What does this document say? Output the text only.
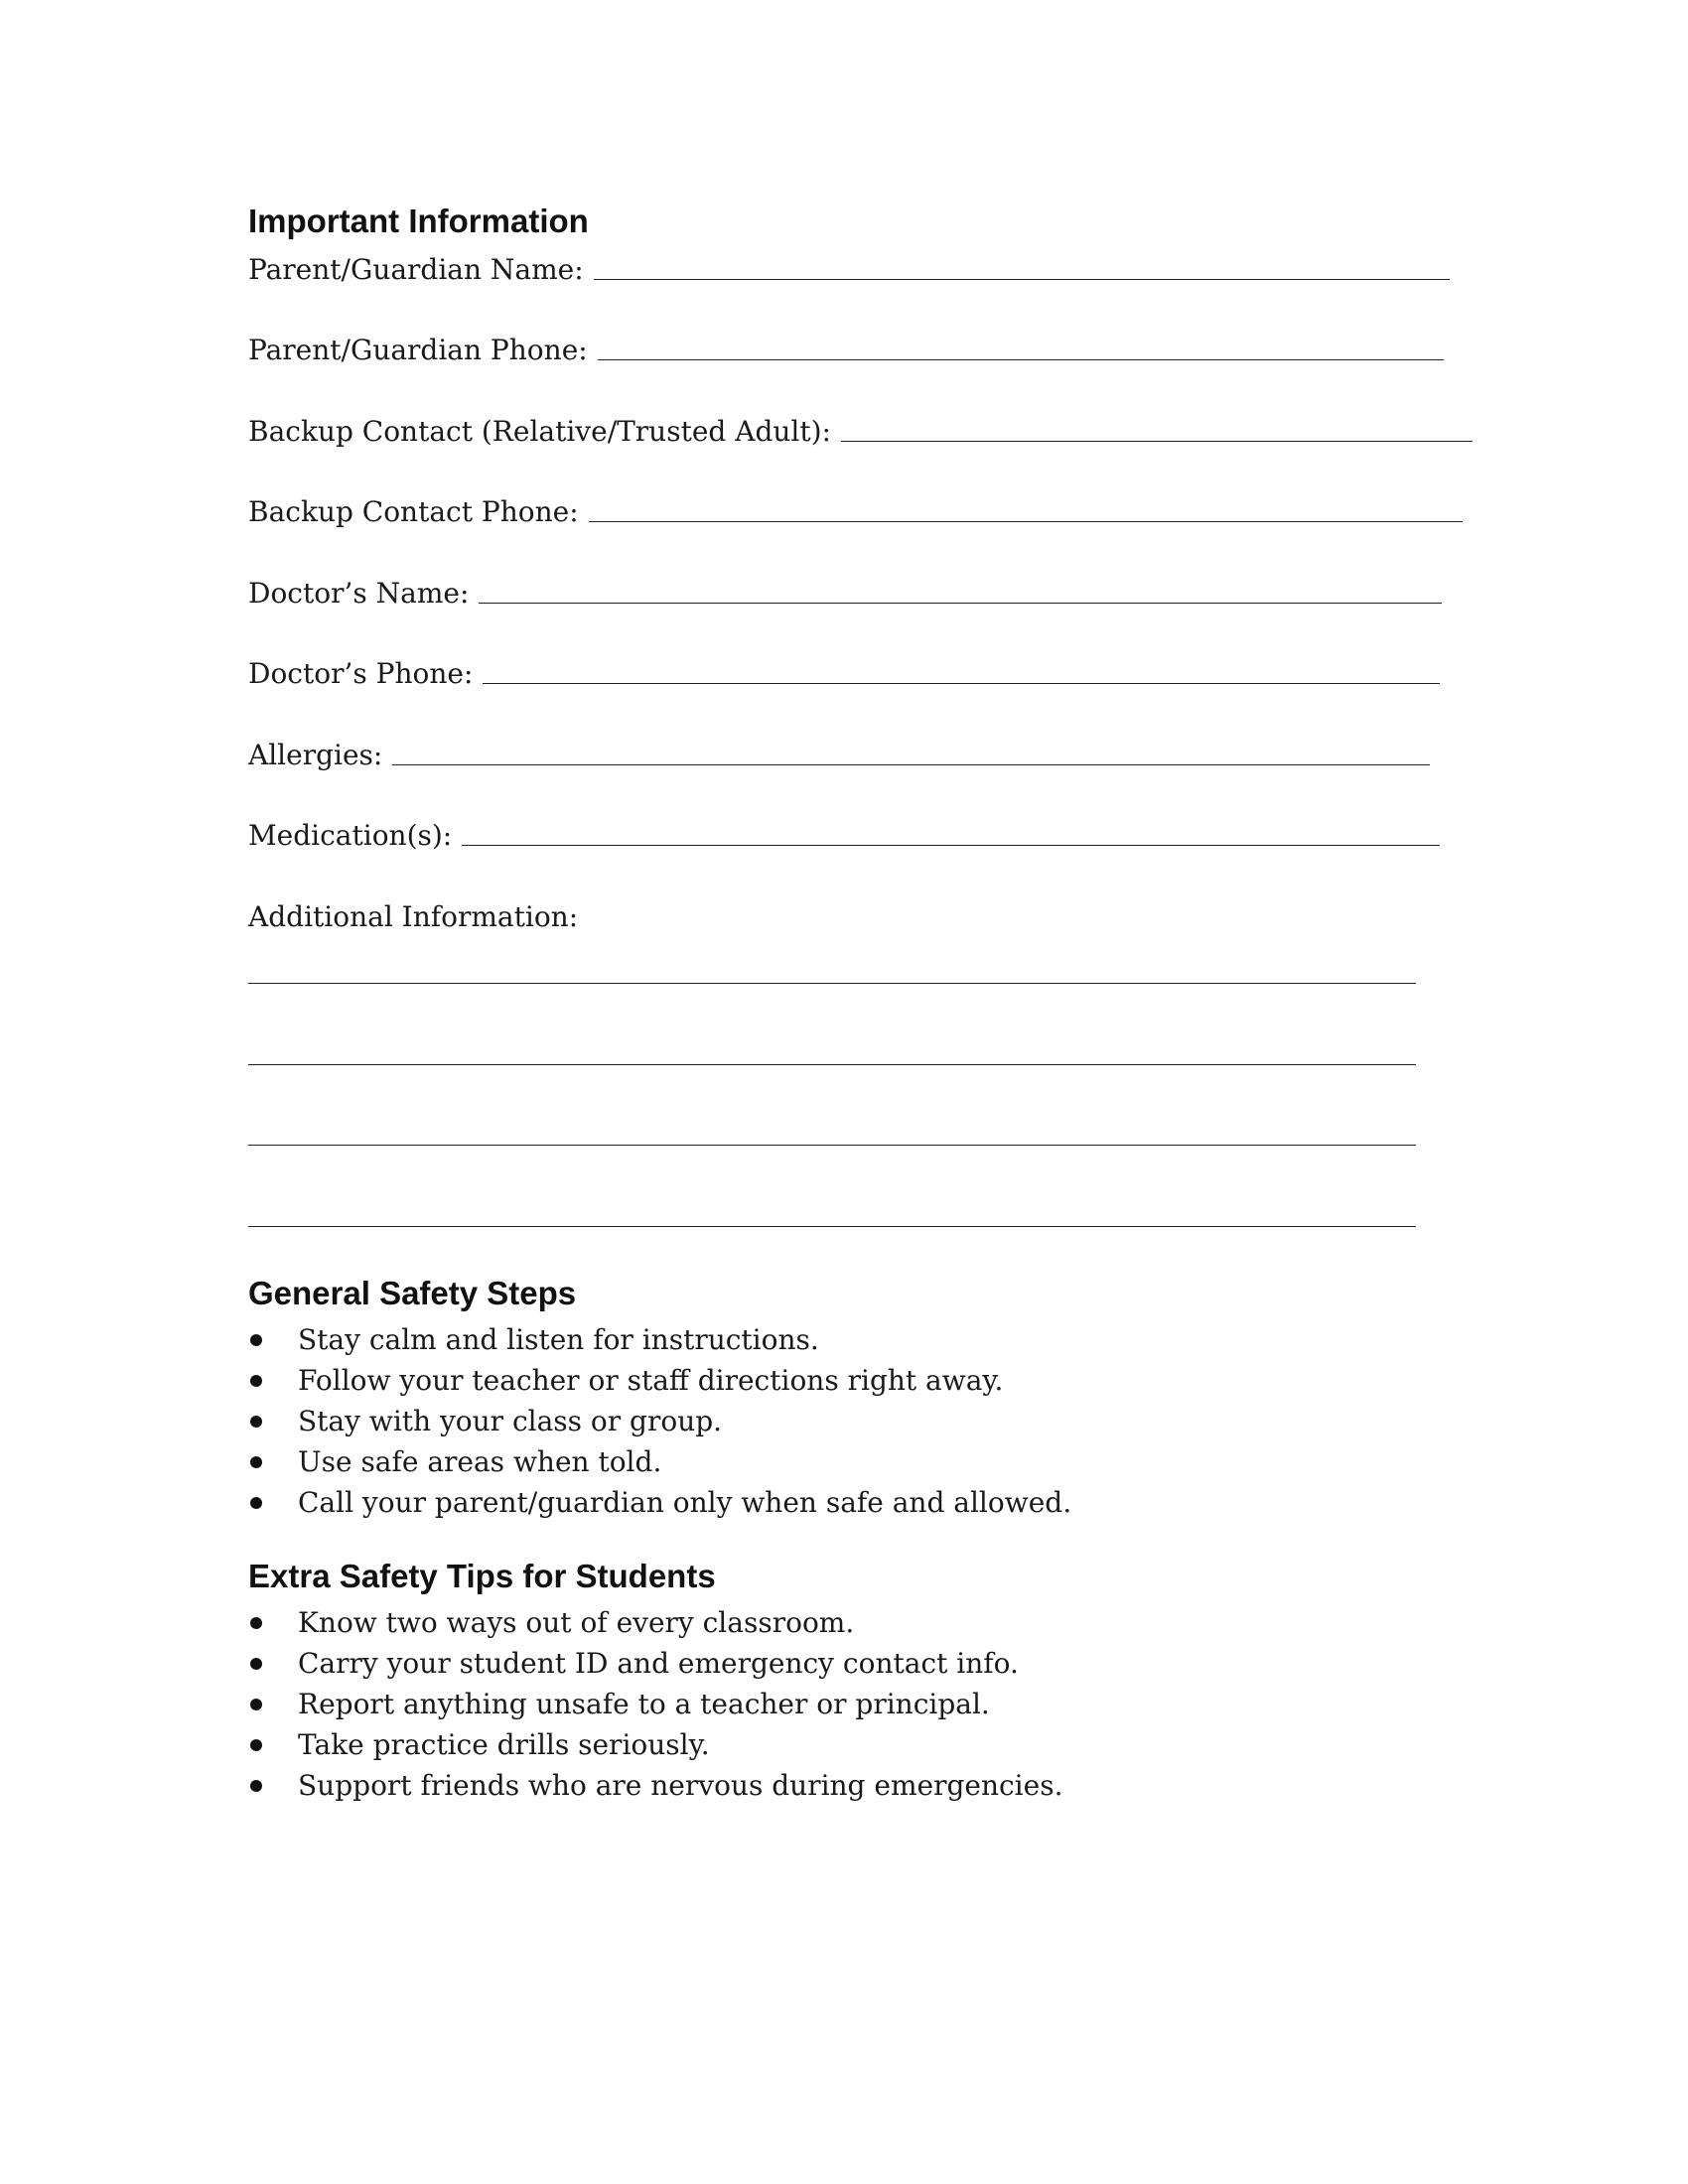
Important Information
Parent/Guardian Name:
Parent/Guardian Phone:
Backup Contact (Relative/Trusted Adult):
Backup Contact Phone:
Doctor’s Name:
Doctor’s Phone:
Allergies:
Medication(s):
Additional Information:
General Safety Steps
Stay calm and listen for instructions.
Follow your teacher or staff directions right away.
Stay with your class or group.
Use safe areas when told.
Call your parent/guardian only when safe and allowed.
Extra Safety Tips for Students
Know two ways out of every classroom.
Carry your student ID and emergency contact info.
Report anything unsafe to a teacher or principal.
Take practice drills seriously.
Support friends who are nervous during emergencies.
